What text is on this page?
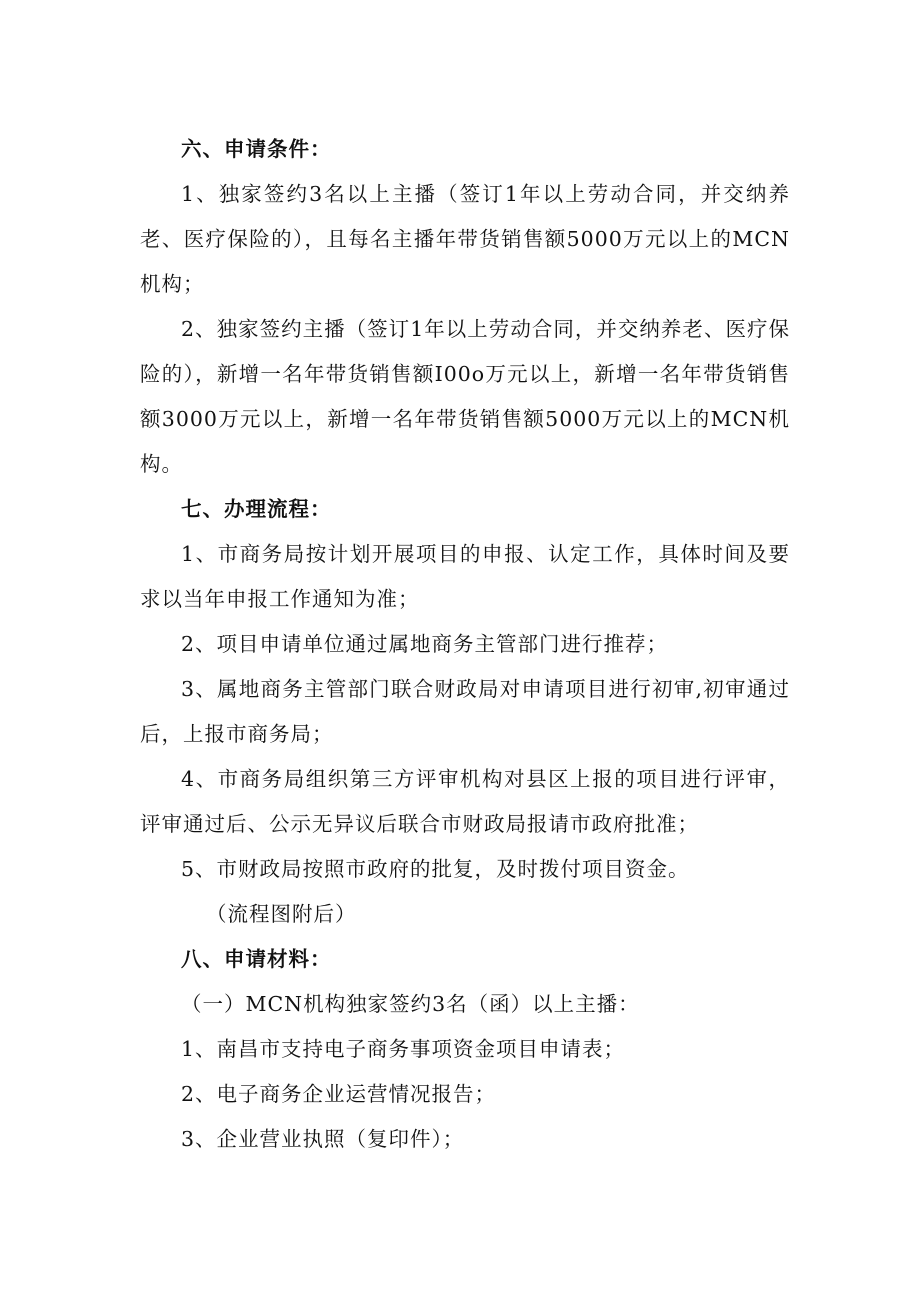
六、申请条件：

1、独家签约3名以上主播（签订1年以上劳动合同，并交纳养老、医疗保险的），且每名主播年带货销售额5000万元以上的MCN机构；

2、独家签约主播（签订1年以上劳动合同，并交纳养老、医疗保险的），新增一名年带货销售额I00o万元以上，新增一名年带货销售额3000万元以上，新增一名年带货销售额5000万元以上的MCN机构。

七、办理流程：

1、市商务局按计划开展项目的申报、认定工作，具体时间及要求以当年申报工作通知为准；

2、项目申请单位通过属地商务主管部门进行推荐；

3、属地商务主管部门联合财政局对申请项目进行初审,初审通过后，上报市商务局；

4、市商务局组织第三方评审机构对县区上报的项目进行评审，评审通过后、公示无异议后联合市财政局报请市政府批准；

5、市财政局按照市政府的批复，及时拨付项目资金。

（流程图附后）

八、申请材料：

（一）MCN机构独家签约3名（函）以上主播：

1、南昌市支持电子商务事项资金项目申请表；

2、电子商务企业运营情况报告；

3、企业营业执照（复印件）；
